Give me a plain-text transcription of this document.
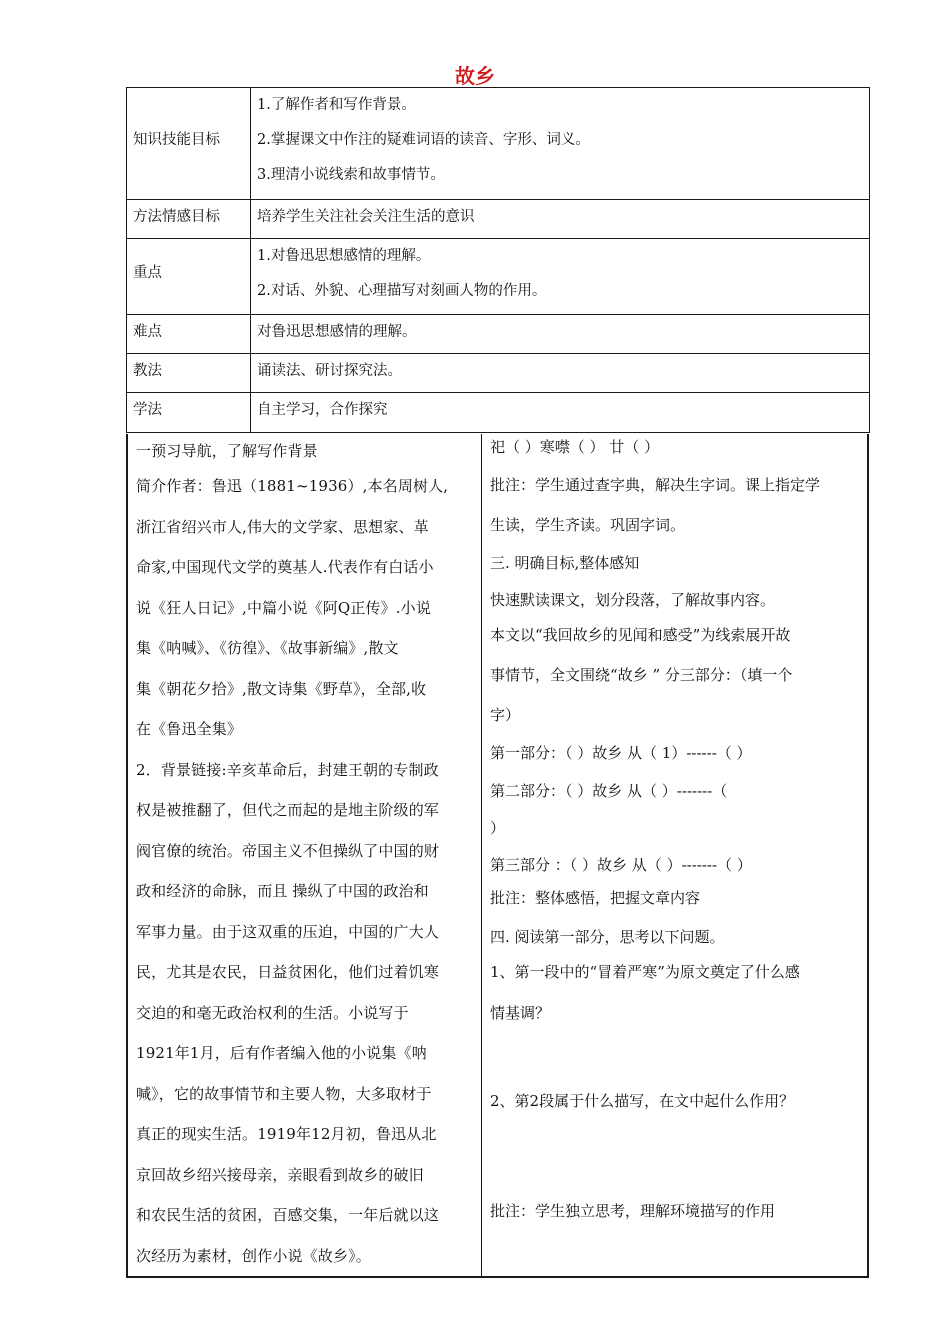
故乡
知识技能目标	1.了解作者和写作背景。
2.掌握课文中作注的疑难词语的读音、字形、词义。
3.理清小说线索和故事情节。

方法情感目标	培养学生关注社会关注生活的意识

重点	1.对鲁迅思想感情的理解。
2.对话、外貌、心理描写对刻画人物的作用。

难点	对鲁迅思想感情的理解。
教法	诵读法、研讨探究法。
学法	自主学习，合作探究
一预习导航，了解写作背景
简介作者：鲁迅（1881~1936）,本名周树人,
浙江省绍兴市人,伟大的文学家、思想家、革
命家,中国现代文学的奠基人.代表作有白话小
说《狂人日记》,中篇小说《阿Q正传》.小说
集《呐喊》、《彷徨》、《故事新编》,散文
集《朝花夕拾》,散文诗集《野草》，全部,收
在《鲁迅全集》
2．背景链接:辛亥革命后，封建王朝的专制政
权是被推翻了，但代之而起的是地主阶级的军
阀官僚的统治。帝国主义不但操纵了中国的财
政和经济的命脉，而且 操纵了中国的政治和
军事力量。由于这双重的压迫，中国的广大人
民，尤其是农民，日益贫困化，他们过着饥寒
交迫的和毫无政治权利的生活。小说写于
1921年1月，后有作者编入他的小说集《呐
喊》，它的故事情节和主要人物，大多取材于
真正的现实生活。1919年12月初，鲁迅从北
京回故乡绍兴接母亲，亲眼看到故乡的破旧
和农民生活的贫困，百感交集，一年后就以这
次经历为素材，创作小说《故乡》。
祀（ ）寒噤（ ） 廿（ ）
批注：学生通过查字典，解决生字词。课上指定学
生读，学生齐读。巩固字词。
三. 明确目标,整体感知
快速默读课文，划分段落，了解故事内容。
本文以“我回故乡的见闻和感受”为线索展开故
事情节，全文围绕“故乡 ” 分三部分：（填一个
字）
第一部分：（ ）故乡 从（ 1）------（ ）
第二部分：（ ）故乡 从（ ）-------（
）
第三部分 ：（ ）故乡 从（ ）-------（ ）
批注：整体感悟，把握文章内容
四. 阅读第一部分，思考以下问题。
1、第一段中的“冒着严寒”为原文奠定了什么感
情基调？
2、第2段属于什么描写，在文中起什么作用？
批注：学生独立思考，理解环境描写的作用
